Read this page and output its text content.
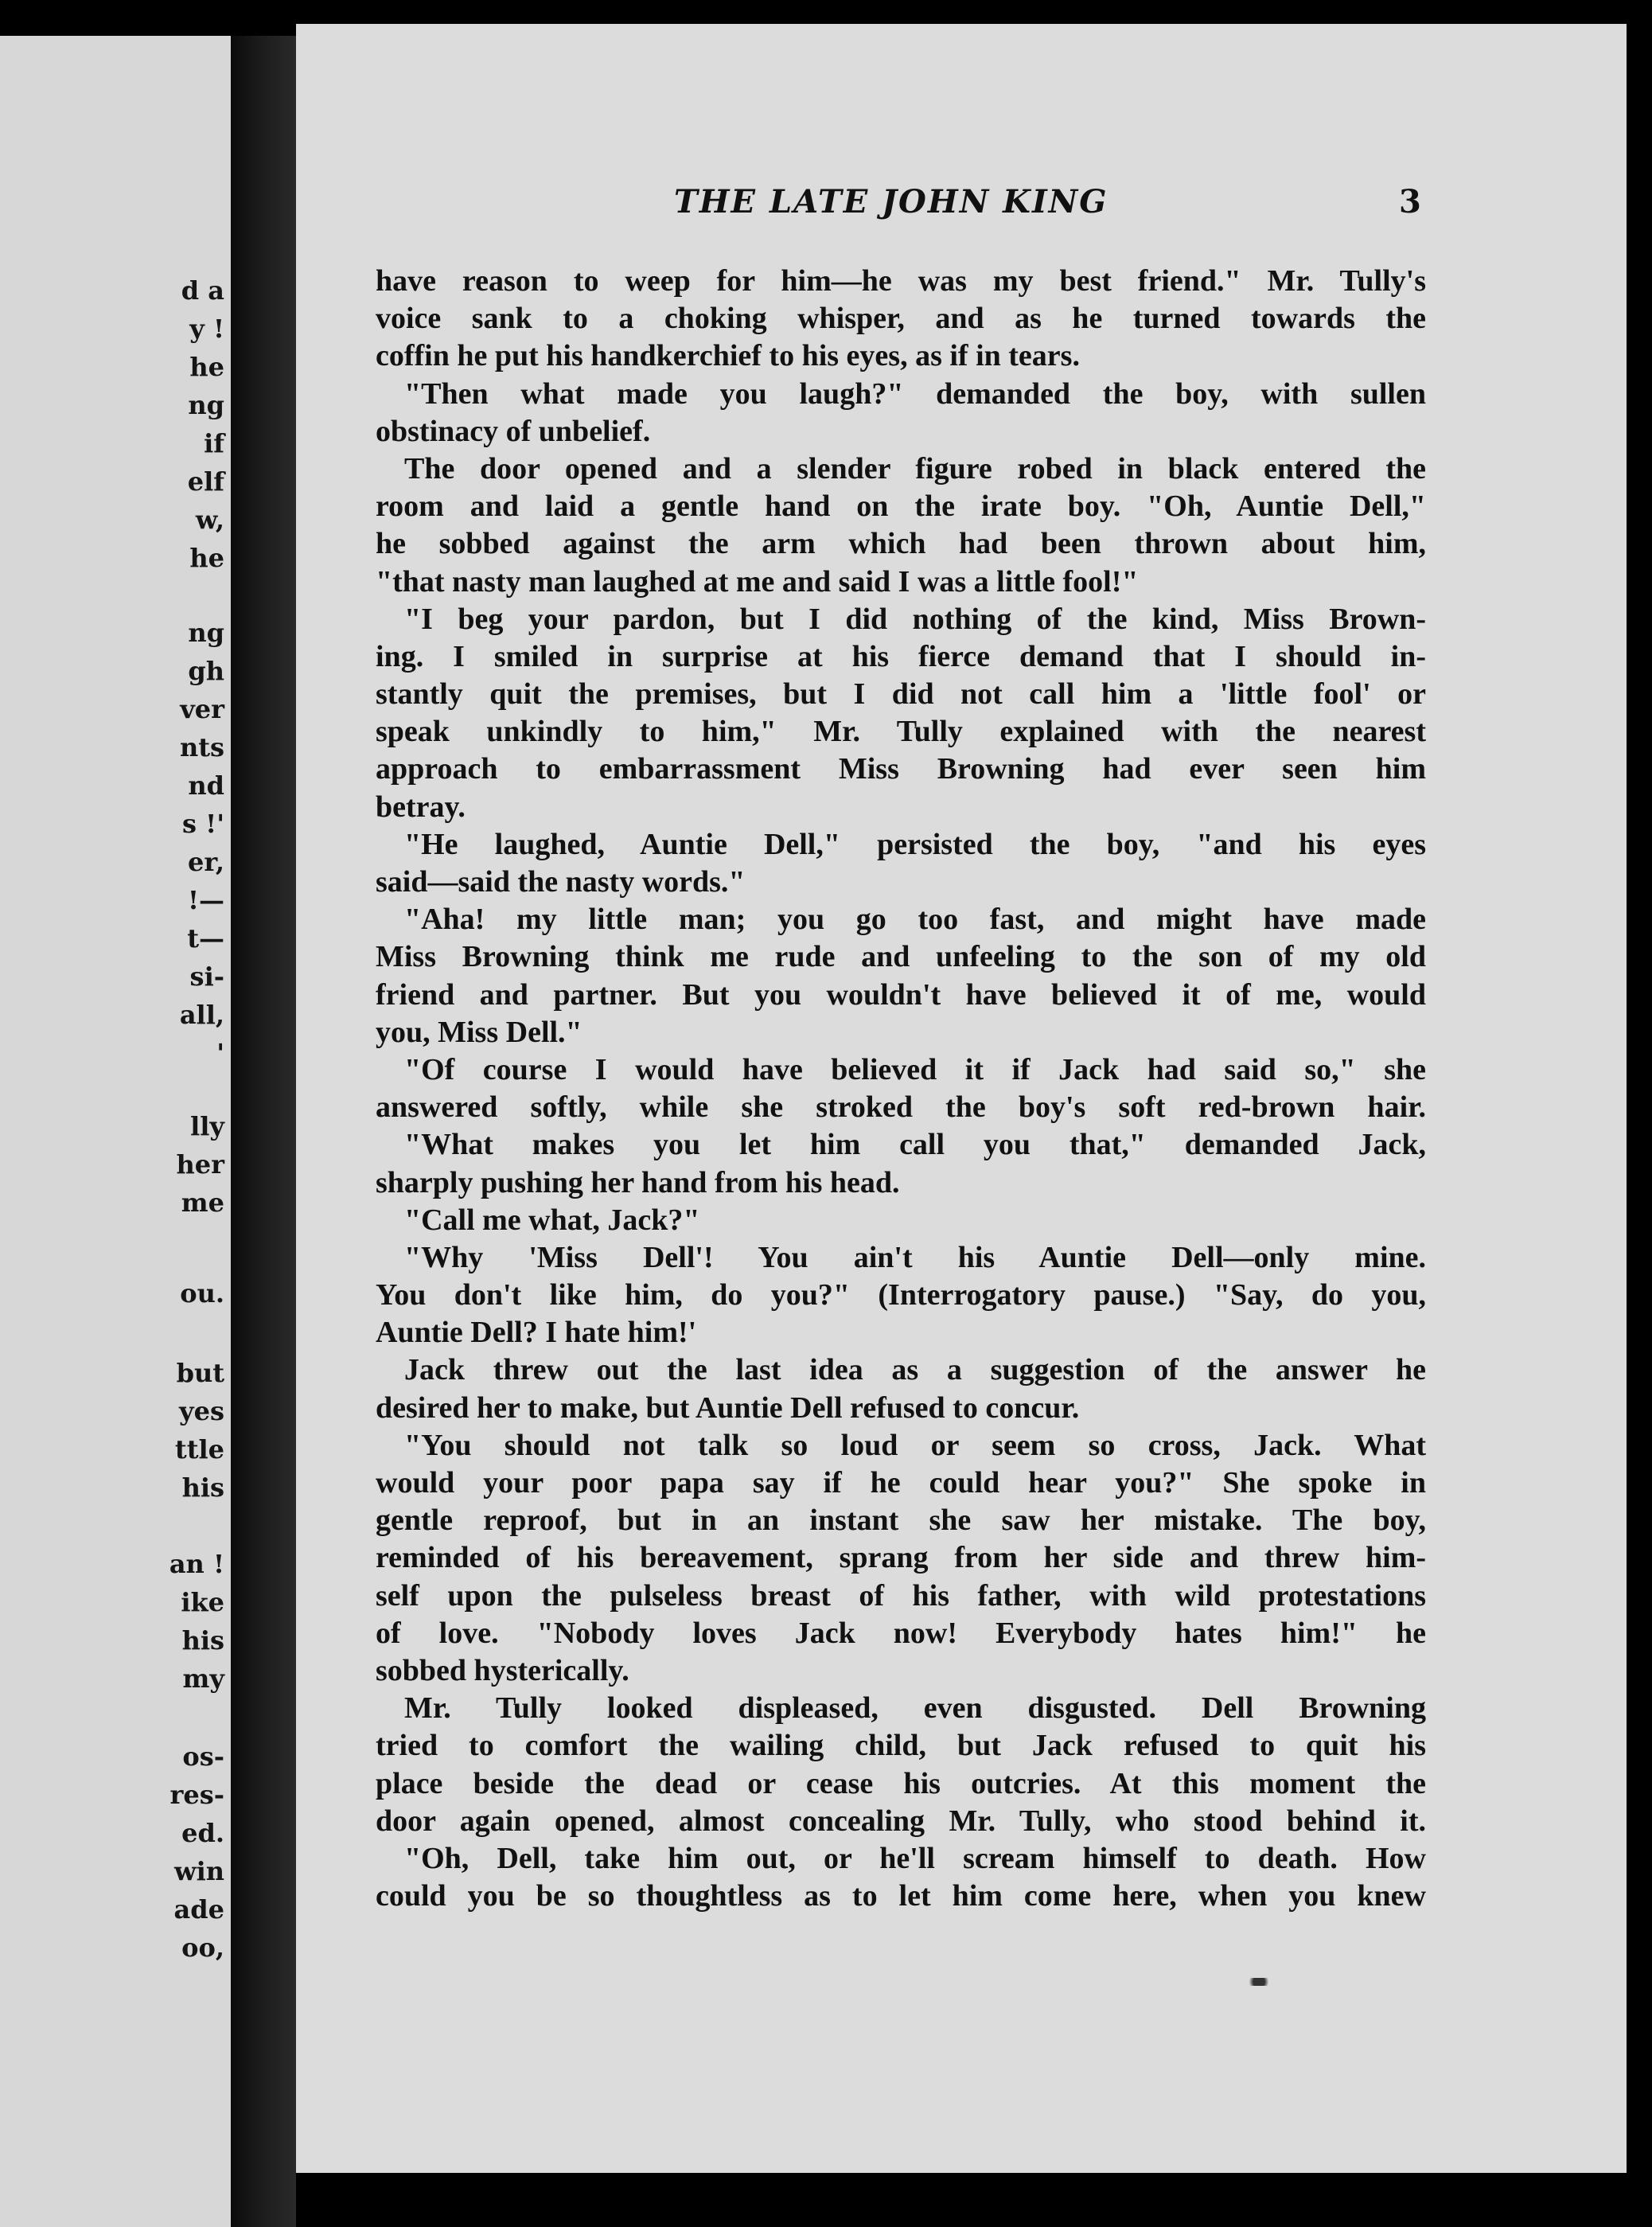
d a
y !
he
ng
if
elf
w,
he
ng
gh
ver
nts
nd
s !'
er,
!—
t—
si-
all,
'
lly
her
me
ou.
but
yes
ttle
his
an !
ike
his
my
os-
res-
ed.
win
ade
oo,
THE LATE JOHN KING	3
have reason to weep for him—he was my best friend." Mr. Tully's
voice sank to a choking whisper, and as he turned towards the
coffin he put his handkerchief to his eyes, as if in tears.
"Then what made you laugh?" demanded the boy, with sullen
obstinacy of unbelief.
The door opened and a slender figure robed in black entered the
room and laid a gentle hand on the irate boy. "Oh, Auntie Dell,"
he sobbed against the arm which had been thrown about him,
"that nasty man laughed at me and said I was a little fool!"
"I beg your pardon, but I did nothing of the kind, Miss Brown-
ing. I smiled in surprise at his fierce demand that I should in-
stantly quit the premises, but I did not call him a 'little fool' or
speak unkindly to him," Mr. Tully explained with the nearest
approach to embarrassment Miss Browning had ever seen him
betray.
"He laughed, Auntie Dell," persisted the boy, "and his eyes
said—said the nasty words."
"Aha! my little man; you go too fast, and might have made
Miss Browning think me rude and unfeeling to the son of my old
friend and partner. But you wouldn't have believed it of me, would
you, Miss Dell."
"Of course I would have believed it if Jack had said so," she
answered softly, while she stroked the boy's soft red-brown hair.
"What makes you let him call you that," demanded Jack,
sharply pushing her hand from his head.
"Call me what, Jack?"
"Why 'Miss Dell'! You ain't his Auntie Dell—only mine.
You don't like him, do you?" (Interrogatory pause.) "Say, do you,
Auntie Dell? I hate him!'
Jack threw out the last idea as a suggestion of the answer he
desired her to make, but Auntie Dell refused to concur.
"You should not talk so loud or seem so cross, Jack. What
would your poor papa say if he could hear you?" She spoke in
gentle reproof, but in an instant she saw her mistake. The boy,
reminded of his bereavement, sprang from her side and threw him-
self upon the pulseless breast of his father, with wild protestations
of love. "Nobody loves Jack now! Everybody hates him!" he
sobbed hysterically.
Mr. Tully looked displeased, even disgusted. Dell Browning
tried to comfort the wailing child, but Jack refused to quit his
place beside the dead or cease his outcries. At this moment the
door again opened, almost concealing Mr. Tully, who stood behind it.
"Oh, Dell, take him out, or he'll scream himself to death. How
could you be so thoughtless as to let him come here, when you knew
